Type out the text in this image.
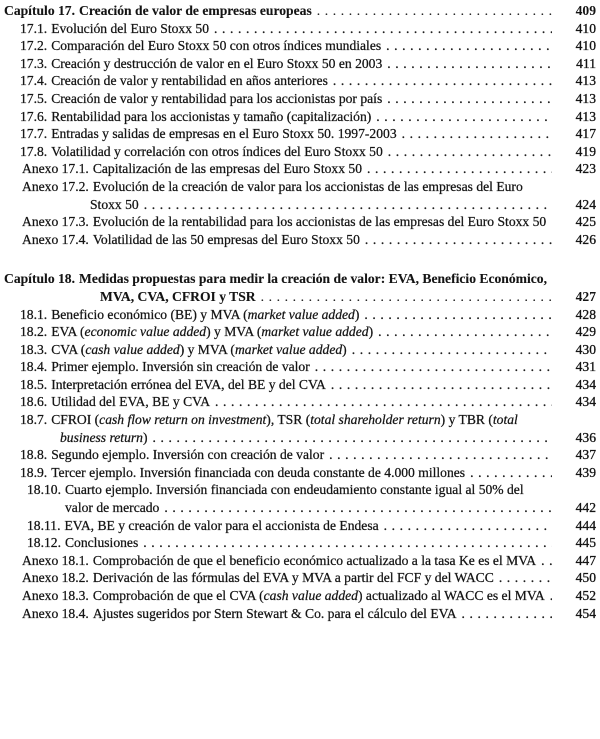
Capítulo 17. Creación de valor de empresas europeas . . .	409
17.1. Evolución del Euro Stoxx 50 . . .	410
17.2. Comparación del Euro Stoxx 50 con otros índices mundiales . . .	410
17.3. Creación y destrucción de valor en el Euro Stoxx 50 en 2003 . . .	411
17.4. Creación de valor y rentabilidad en años anteriores . . .	413
17.5. Creación de valor y rentabilidad para los accionistas por país . . .	413
17.6. Rentabilidad para los accionistas y tamaño (capitalización) . . .	413
17.7. Entradas y salidas de empresas en el Euro Stoxx 50. 1997-2003 . . .	417
17.8. Volatilidad y correlación con otros índices del Euro Stoxx 50 . . .	419
Anexo 17.1. Capitalización de las empresas del Euro Stoxx 50 . . .	423
Anexo 17.2. Evolución de la creación de valor para los accionistas de las empresas del Euro Stoxx 50 . . .	424
Anexo 17.3. Evolución de la rentabilidad para los accionistas de las empresas del Euro Stoxx 50 . . .	425
Anexo 17.4. Volatilidad de las 50 empresas del Euro Stoxx 50 . . .	426
Capítulo 18. Medidas propuestas para medir la creación de valor: EVA, Beneficio Económico, MVA, CVA, CFROI y TSR . . .	427
18.1. Beneficio económico (BE) y MVA (market value added) . . .	428
18.2. EVA (economic value added) y MVA (market value added) . . .	429
18.3. CVA (cash value added) y MVA (market value added) . . .	430
18.4. Primer ejemplo. Inversión sin creación de valor . . .	431
18.5. Interpretación errónea del EVA, del BE y del CVA . . .	434
18.6. Utilidad del EVA, BE y CVA . . .	434
18.7. CFROI (cash flow return on investment), TSR (total shareholder return) y TBR (total business return) . . .	436
18.8. Segundo ejemplo. Inversión con creación de valor . . .	437
18.9. Tercer ejemplo. Inversión financiada con deuda constante de 4.000 millones . . .	439
18.10. Cuarto ejemplo. Inversión financiada con endeudamiento constante igual al 50% del valor de mercado . . .	442
18.11. EVA, BE y creación de valor para el accionista de Endesa . . .	444
18.12. Conclusiones . . .	445
Anexo 18.1. Comprobación de que el beneficio económico actualizado a la tasa Ke es el MVA . . .	447
Anexo 18.2. Derivación de las fórmulas del EVA y MVA a partir del FCF y del WACC . . .	450
Anexo 18.3. Comprobación de que el CVA (cash value added) actualizado al WACC es el MVA . . .	452
Anexo 18.4. Ajustes sugeridos por Stern Stewart & Co. para el cálculo del EVA . . .	454
